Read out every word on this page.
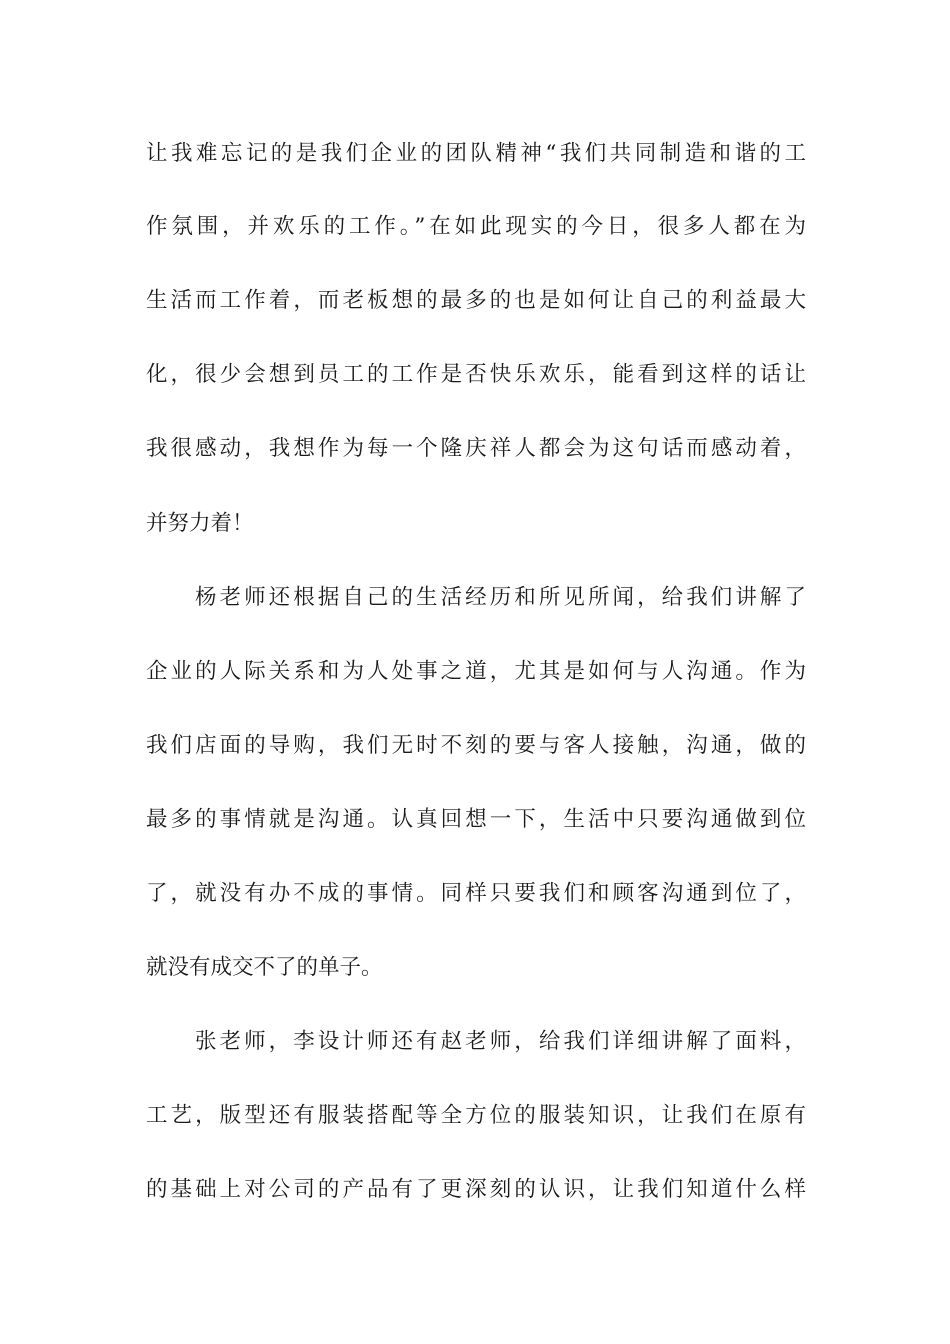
让我难忘记的是我们企业的团队精神“我们共同制造和谐的工
作氛围，并欢乐的工作。”在如此现实的今日，很多人都在为
生活而工作着，而老板想的最多的也是如何让自己的利益最大
化，很少会想到员工的工作是否快乐欢乐，能看到这样的话让
我很感动，我想作为每一个隆庆祥人都会为这句话而感动着，
并努力着！
杨老师还根据自己的生活经历和所见所闻，给我们讲解了
企业的人际关系和为人处事之道，尤其是如何与人沟通。作为
我们店面的导购，我们无时不刻的要与客人接触，沟通，做的
最多的事情就是沟通。认真回想一下，生活中只要沟通做到位
了，就没有办不成的事情。同样只要我们和顾客沟通到位了，
就没有成交不了的单子。
张老师，李设计师还有赵老师，给我们详细讲解了面料，
工艺，版型还有服装搭配等全方位的服装知识，让我们在原有
的基础上对公司的产品有了更深刻的认识，让我们知道什么样
